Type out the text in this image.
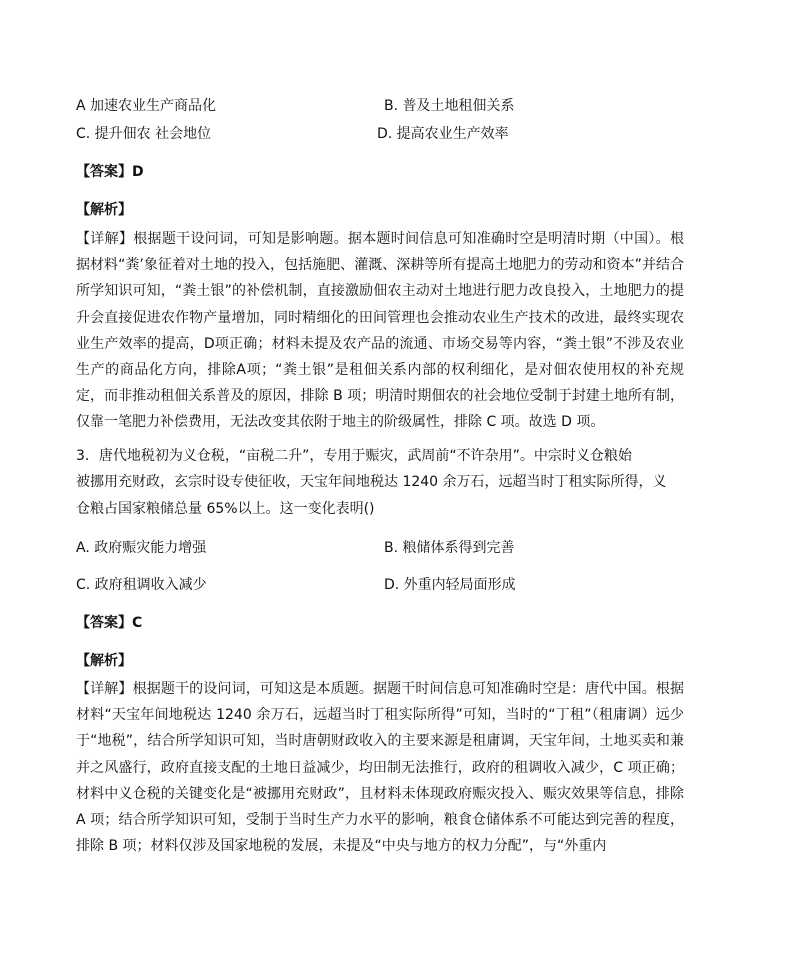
A 加速农业生产商品化	B. 普及土地租佃关系
C. 提升佃农 社会地位	D. 提高农业生产效率
【答案】D
【解析】
【详解】根据题干设问词，可知是影响题。据本题时间信息可知准确时空是明清时期（中国）。根据材料“粪’象征着对土地的投入，包括施肥、灌溉、深耕等所有提高土地肥力的劳动和资本”并结合所学知识可知，“粪土银”的补偿机制，直接激励佃农主动对土地进行肥力改良投入，土地肥力的提升会直接促进农作物产量增加，同时精细化的田间管理也会推动农业生产技术的改进，最终实现农业生产效率的提高，D项正确；材料未提及农产品的流通、市场交易等内容，“粪土银”不涉及农业生产的商品化方向，排除A项；“粪土银”是租佃关系内部的权利细化，是对佃农使用权的补充规定，而非推动租佃关系普及的原因，排除 B 项；明清时期佃农的社会地位受制于封建土地所有制，仅靠一笔肥力补偿费用，无法改变其依附于地主的阶级属性，排除 C 项。故选 D 项。
3．唐代地税初为义仓税，“亩税二升”，专用于赈灾，武周前“不许杂用”。中宗时义仓粮始
被挪用充财政，玄宗时设专使征收，天宝年间地税达 1240 余万石，远超当时丁租实际所得，义
仓粮占国家粮储总量 65%以上。这一变化表明()
A. 政府赈灾能力增强	B. 粮储体系得到完善
C. 政府租调收入减少	D. 外重内轻局面形成
【答案】C
【解析】
【详解】根据题干的设问词，可知这是本质题。据题干时间信息可知准确时空是：唐代中国。根据材料“天宝年间地税达 1240 余万石，远超当时丁租实际所得”可知，当时的“丁租”（租庸调）远少于“地税”，结合所学知识可知，当时唐朝财政收入的主要来源是租庸调，天宝年间，土地买卖和兼并之风盛行，政府直接支配的土地日益减少，均田制无法推行，政府的租调收入减少，C 项正确；材料中义仓税的关键变化是“被挪用充财政”，且材料未体现政府赈灾投入、赈灾效果等信息，排除 A 项；结合所学知识可知，受制于当时生产力水平的影响，粮食仓储体系不可能达到完善的程度，排除 B 项；材料仅涉及国家地税的发展，未提及“中央与地方的权力分配”，与“外重内
